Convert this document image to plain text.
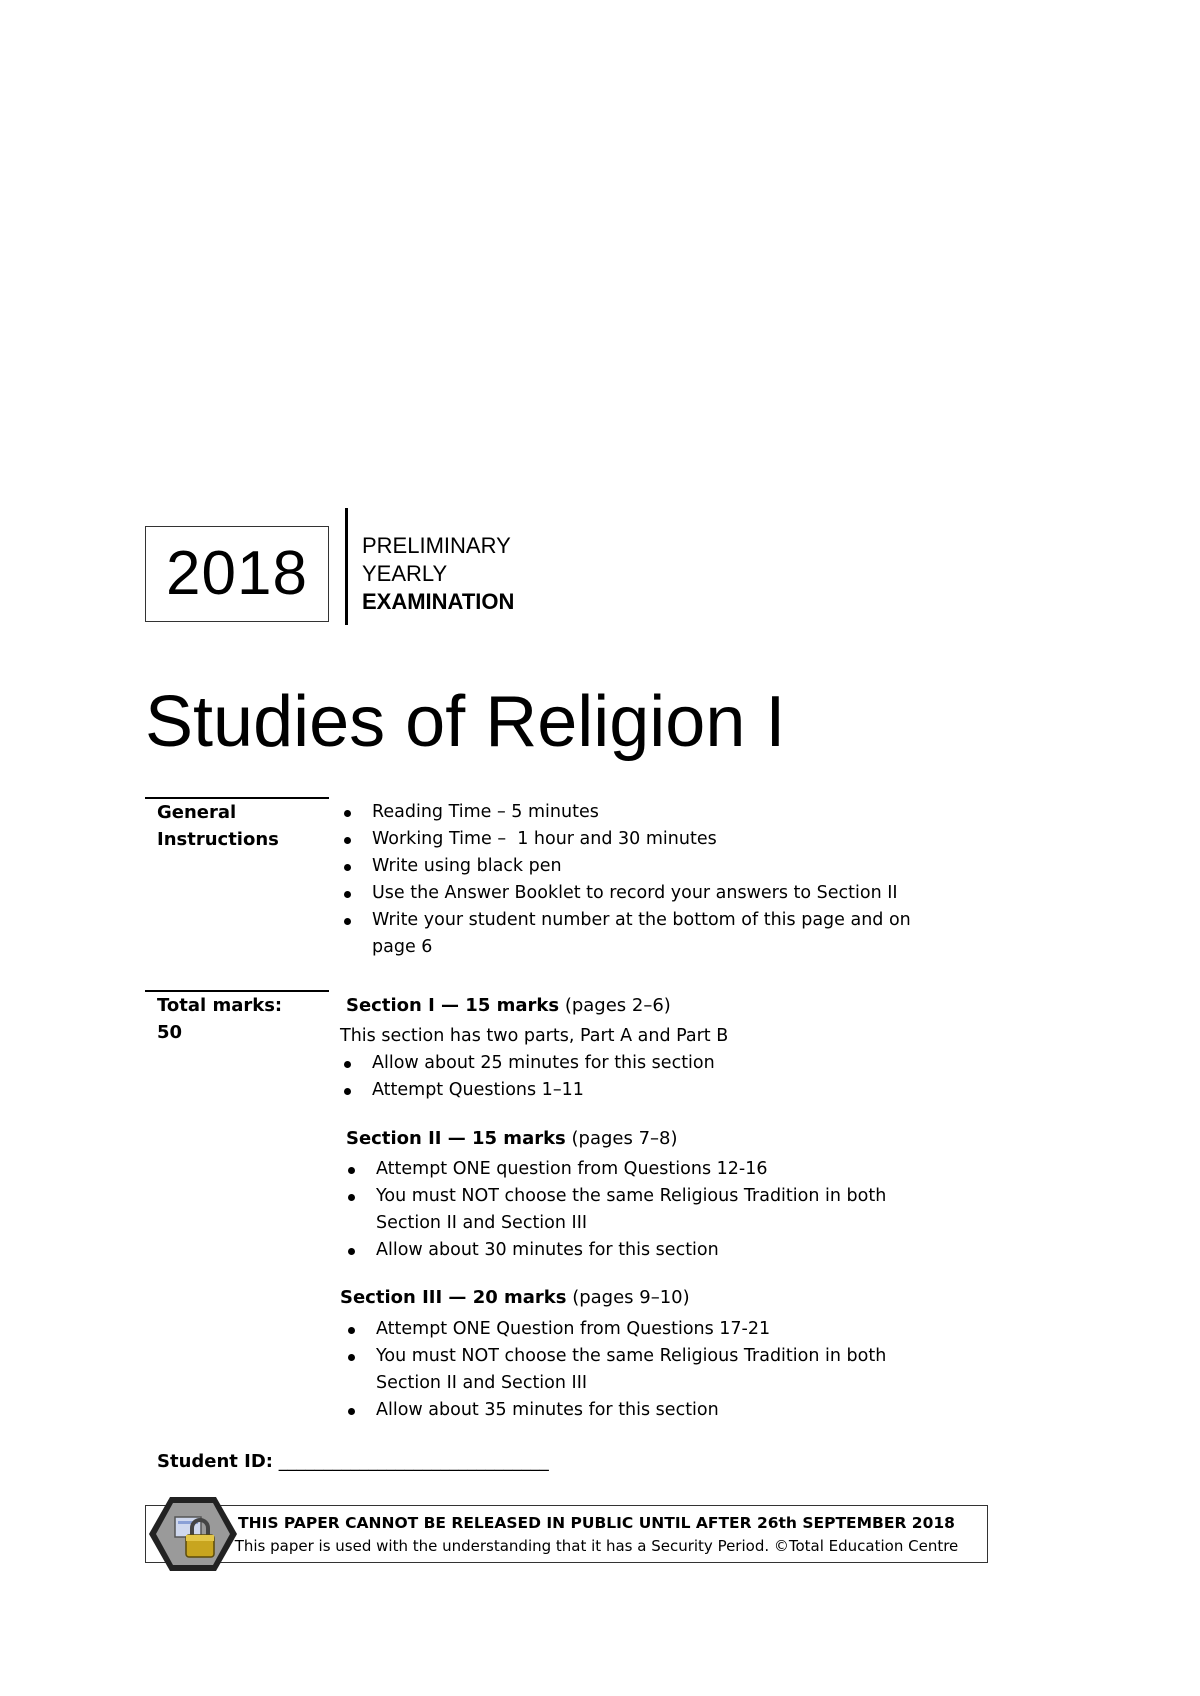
2018 PRELIMINARY
YEARLY
EXAMINATION
Studies of Religion I
General
Instructions
Reading Time – 5 minutes
Working Time –  1 hour and 30 minutes
Write using black pen
Use the Answer Booklet to record your answers to Section II
Write your student number at the bottom of this page and on page 6
Total marks:
50
Section I — 15 marks (pages 2–6)
This section has two parts, Part A and Part B
Allow about 25 minutes for this section
Attempt Questions 1–11
Section II — 15 marks (pages 7–8)
Attempt ONE question from Questions 12-16
You must NOT choose the same Religious Tradition in both Section II and Section III
Allow about 30 minutes for this section
Section III — 20 marks (pages 9–10)
Attempt ONE Question from Questions 17-21
You must NOT choose the same Religious Tradition in both Section II and Section III
Allow about 35 minutes for this section
Student ID: ______________________________
THIS PAPER CANNOT BE RELEASED IN PUBLIC UNTIL AFTER 26th SEPTEMBER 2018
This paper is used with the understanding that it has a Security Period. ©Total Education Centre
